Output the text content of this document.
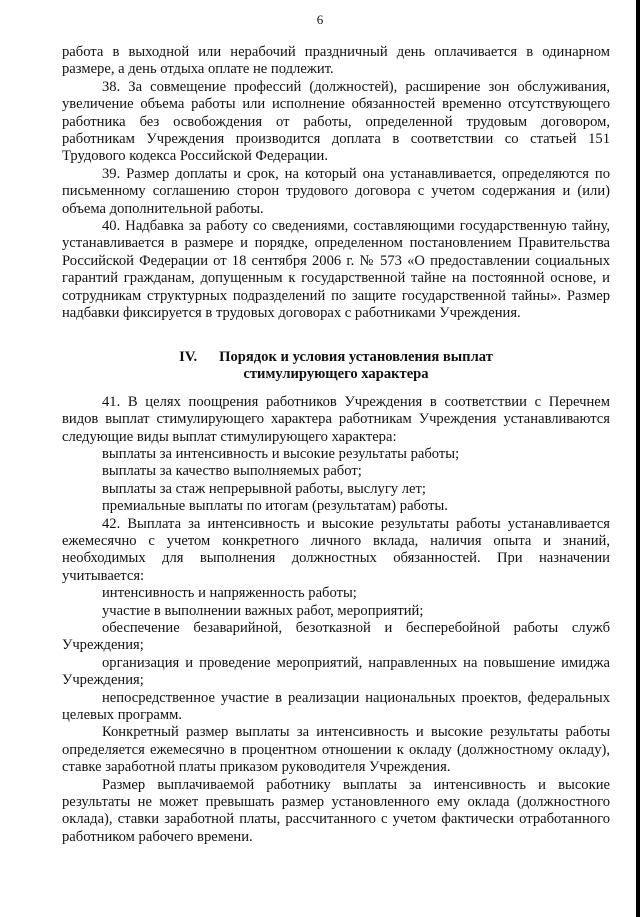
6

работа в выходной или нерабочий праздничный день оплачивается в одинарном размере, а день отдыха оплате не подлежит.

38. За совмещение профессий (должностей), расширение зон обслуживания, увеличение объема работы или исполнение обязанностей временно отсутствующего работника без освобождения от работы, определенной трудовым договором, работникам Учреждения производится доплата в соответствии со статьей 151 Трудового кодекса Российской Федерации.

39. Размер доплаты и срок, на который она устанавливается, определяются по письменному соглашению сторон трудового договора с учетом содержания и (или) объема дополнительной работы.

40. Надбавка за работу со сведениями, составляющими государственную тайну, устанавливается в размере и порядке, определенном постановлением Правительства Российской Федерации от 18 сентября 2006 г. № 573 «О предоставлении социальных гарантий гражданам, допущенным к государственной тайне на постоянной основе, и сотрудникам структурных подразделений по защите государственной тайны». Размер надбавки фиксируется в трудовых договорах с работниками Учреждения.

IV. Порядок и условия установления выплат
стимулирующего характера

41. В целях поощрения работников Учреждения в соответствии с Перечнем видов выплат стимулирующего характера работникам Учреждения устанавливаются следующие виды выплат стимулирующего характера:

выплаты за интенсивность и высокие результаты работы;

выплаты за качество выполняемых работ;

выплаты за стаж непрерывной работы, выслугу лет;

премиальные выплаты по итогам (результатам) работы.

42. Выплата за интенсивность и высокие результаты работы устанавливается ежемесячно с учетом конкретного личного вклада, наличия опыта и знаний, необходимых для выполнения должностных обязанностей. При назначении учитывается:

интенсивность и напряженность работы;

участие в выполнении важных работ, мероприятий;

обеспечение безаварийной, безотказной и бесперебойной работы служб Учреждения;

организация и проведение мероприятий, направленных на повышение имиджа Учреждения;

непосредственное участие в реализации национальных проектов, федеральных целевых программ.

Конкретный размер выплаты за интенсивность и высокие результаты работы определяется ежемесячно в процентном отношении к окладу (должностному окладу), ставке заработной платы приказом руководителя Учреждения.

Размер выплачиваемой работнику выплаты за интенсивность и высокие результаты не может превышать размер установленного ему оклада (должностного оклада), ставки заработной платы, рассчитанного с учетом фактически отработанного работником рабочего времени.
